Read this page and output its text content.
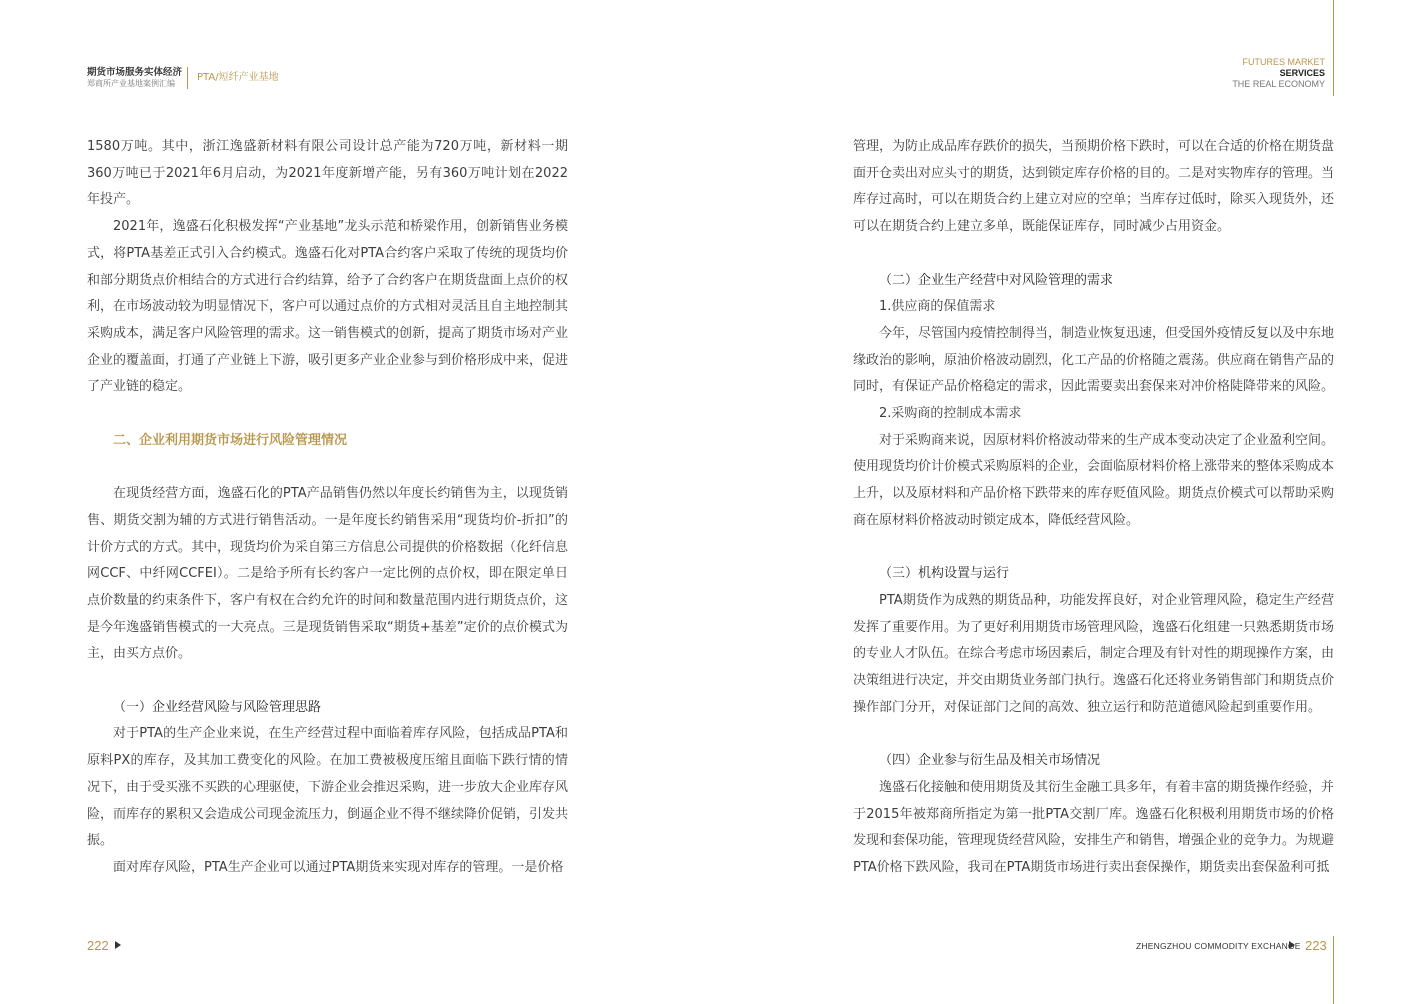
期货市场服务实体经济
郑商所产业基地案例汇编
PTA/短纤产业基地
FUTURES MARKET
SERVICES
THE REAL ECONOMY

1580万吨。其中，浙江逸盛新材料有限公司设计总产能为720万吨，新材料一期360万吨已于2021年6月启动，为2021年度新增产能，另有360万吨计划在2022年投产。

2021年，逸盛石化积极发挥“产业基地”龙头示范和桥梁作用，创新销售业务模式，将PTA基差正式引入合约模式。逸盛石化对PTA合约客户采取了传统的现货均价和部分期货点价相结合的方式进行合约结算，给予了合约客户在期货盘面上点价的权利，在市场波动较为明显情况下，客户可以通过点价的方式相对灵活且自主地控制其采购成本，满足客户风险管理的需求。这一销售模式的创新，提高了期货市场对产业企业的覆盖面，打通了产业链上下游，吸引更多产业企业参与到价格形成中来，促进了产业链的稳定。

二、企业利用期货市场进行风险管理情况

在现货经营方面，逸盛石化的PTA产品销售仍然以年度长约销售为主，以现货销售、期货交割为辅的方式进行销售活动。一是年度长约销售采用“现货均价-折扣”的计价方式的方式。其中，现货均价为采自第三方信息公司提供的价格数据（化纤信息网CCF、中纤网CCFEI）。二是给予所有长约客户一定比例的点价权，即在限定单日点价数量的约束条件下，客户有权在合约允许的时间和数量范围内进行期货点价，这是今年逸盛销售模式的一大亮点。三是现货销售采取“期货+基差”定价的点价模式为主，由买方点价。

（一）企业经营风险与风险管理思路

对于PTA的生产企业来说，在生产经营过程中面临着库存风险，包括成品PTA和原料PX的库存，及其加工费变化的风险。在加工费被极度压缩且面临下跌行情的情况下，由于受买涨不买跌的心理驱使，下游企业会推迟采购，进一步放大企业库存风险，而库存的累积又会造成公司现金流压力，倒逼企业不得不继续降价促销，引发共振。

面对库存风险，PTA生产企业可以通过PTA期货来实现对库存的管理。一是价格

管理，为防止成品库存跌价的损失，当预期价格下跌时，可以在合适的价格在期货盘面开仓卖出对应头寸的期货，达到锁定库存价格的目的。二是对实物库存的管理。当库存过高时，可以在期货合约上建立对应的空单；当库存过低时，除买入现货外，还可以在期货合约上建立多单，既能保证库存，同时减少占用资金。

（二）企业生产经营中对风险管理的需求

1.供应商的保值需求

今年，尽管国内疫情控制得当，制造业恢复迅速，但受国外疫情反复以及中东地缘政治的影响，原油价格波动剧烈，化工产品的价格随之震荡。供应商在销售产品的同时，有保证产品价格稳定的需求，因此需要卖出套保来对冲价格陡降带来的风险。

2.采购商的控制成本需求

对于采购商来说，因原材料价格波动带来的生产成本变动决定了企业盈利空间。使用现货均价计价模式采购原料的企业，会面临原材料价格上涨带来的整体采购成本上升，以及原材料和产品价格下跌带来的库存贬值风险。期货点价模式可以帮助采购商在原材料价格波动时锁定成本，降低经营风险。

（三）机构设置与运行

PTA期货作为成熟的期货品种，功能发挥良好，对企业管理风险，稳定生产经营发挥了重要作用。为了更好利用期货市场管理风险，逸盛石化组建一只熟悉期货市场的专业人才队伍。在综合考虑市场因素后，制定合理及有针对性的期现操作方案，由决策组进行决定，并交由期货业务部门执行。逸盛石化还将业务销售部门和期货点价操作部门分开，对保证部门之间的高效、独立运行和防范道德风险起到重要作用。

（四）企业参与衍生品及相关市场情况

逸盛石化接触和使用期货及其衍生金融工具多年，有着丰富的期货操作经验，并于2015年被郑商所指定为第一批PTA交割厂库。逸盛石化积极利用期货市场的价格发现和套保功能，管理现货经营风险，安排生产和销售，增强企业的竞争力。为规避PTA价格下跌风险，我司在PTA期货市场进行卖出套保操作，期货卖出套保盈利可抵

222	ZHENGZHOU COMMODITY EXCHANGE 223
